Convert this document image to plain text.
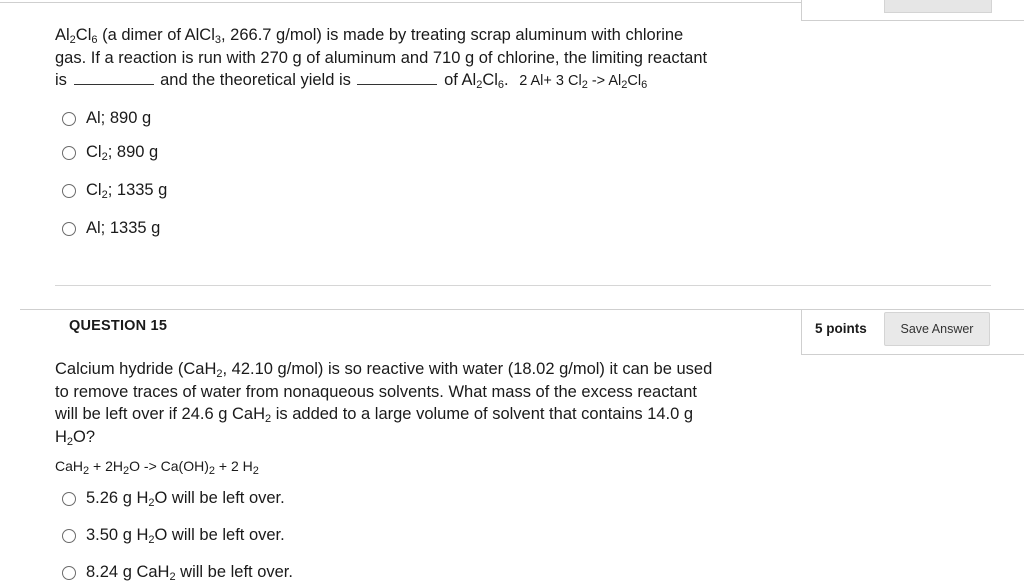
$Al_2Cl_6$ (a dimer of AlCl$_3$, 266.7 g/mol) is made by treating scrap aluminum with chlorine
gas. If a reaction is run with 270 g of aluminum and 710 g of chlorine, the limiting reactant
is	and the theoretical yield is	of $Al_2Cl_6$. 2 Al+ 3 $Cl_2 -> Al_2Cl_6$
Al; 890 g
$Cl_2$; 890 g
$Cl_2$; 1335 g
Al; 1335 g
QUESTION 15	5 points	Save Answer
Calcium hydride (CaH$_2$, 42.10 g/mol) is so reactive with water (18.02 g/mol) it can be used
to remove traces of water from nonaqueous solvents. What mass of the excess reactant
will be left over if 24.6 g CaH$_2$ is added to a large volume of solvent that contains 14.0 g
$H_2O$?
$CaH_2 + 2H_2O -> Ca(OH)_2 + 2$ $H_2$
5.26 g $H_2O$ will be left over.
3.50 g $H_2O$ will be left over.
8.24 g CaH$_2$ will be left over.
